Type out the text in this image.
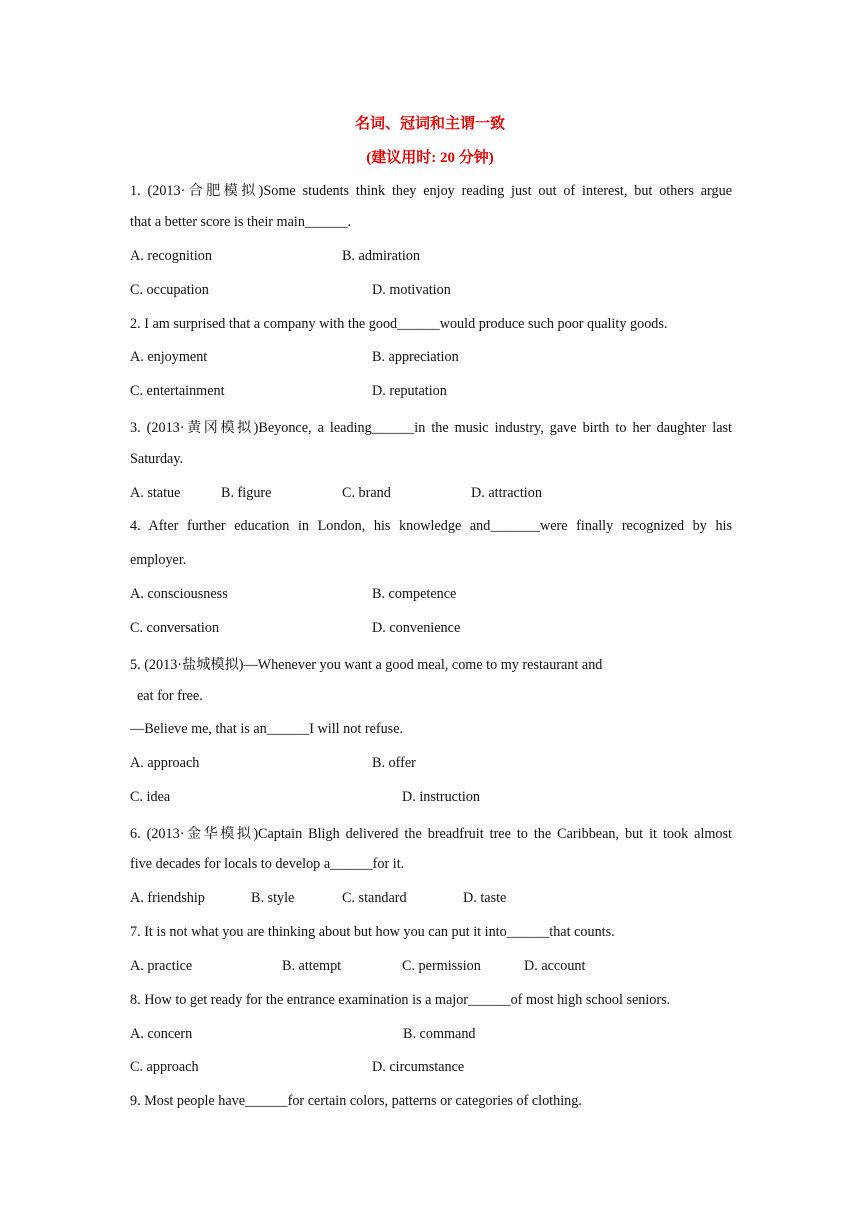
名词、冠词和主谓一致
(建议用时: 20 分钟)
1. (2013·合肥模拟)Some students think they enjoy reading just out of interest, but others argue
that a better score is their main______.
A. recognition	B. admiration
C. occupation	D. motivation
2. I am surprised that a company with the good______would produce such poor quality goods.
A. enjoyment	B. appreciation
C. entertainment	D. reputation
3. (2013·黄冈模拟)Beyonce, a leading______in the music industry, gave birth to her daughter last
Saturday.
A. statue	B. figure	C. brand	D. attraction
4. After further education in London, his knowledge and_______were finally recognized by his
employer.
A. consciousness	B. competence
C. conversation	D. convenience
5. (2013·盐城模拟)—Whenever you want a good meal, come to my restaurant and
eat for free.
—Believe me, that is an______I will not refuse.
A. approach	B. offer
C. idea	D. instruction
6. (2013·金华模拟)Captain Bligh delivered the breadfruit tree to the Caribbean, but it took almost
five decades for locals to develop a______for it.
A. friendship	B. style	C. standard	D. taste
7. It is not what you are thinking about but how you can put it into______that counts.
A. practice	B. attempt	C. permission	D. account
8. How to get ready for the entrance examination is a major______of most high school seniors.
A. concern	B. command
C. approach	D. circumstance
9. Most people have______for certain colors, patterns or categories of clothing.
